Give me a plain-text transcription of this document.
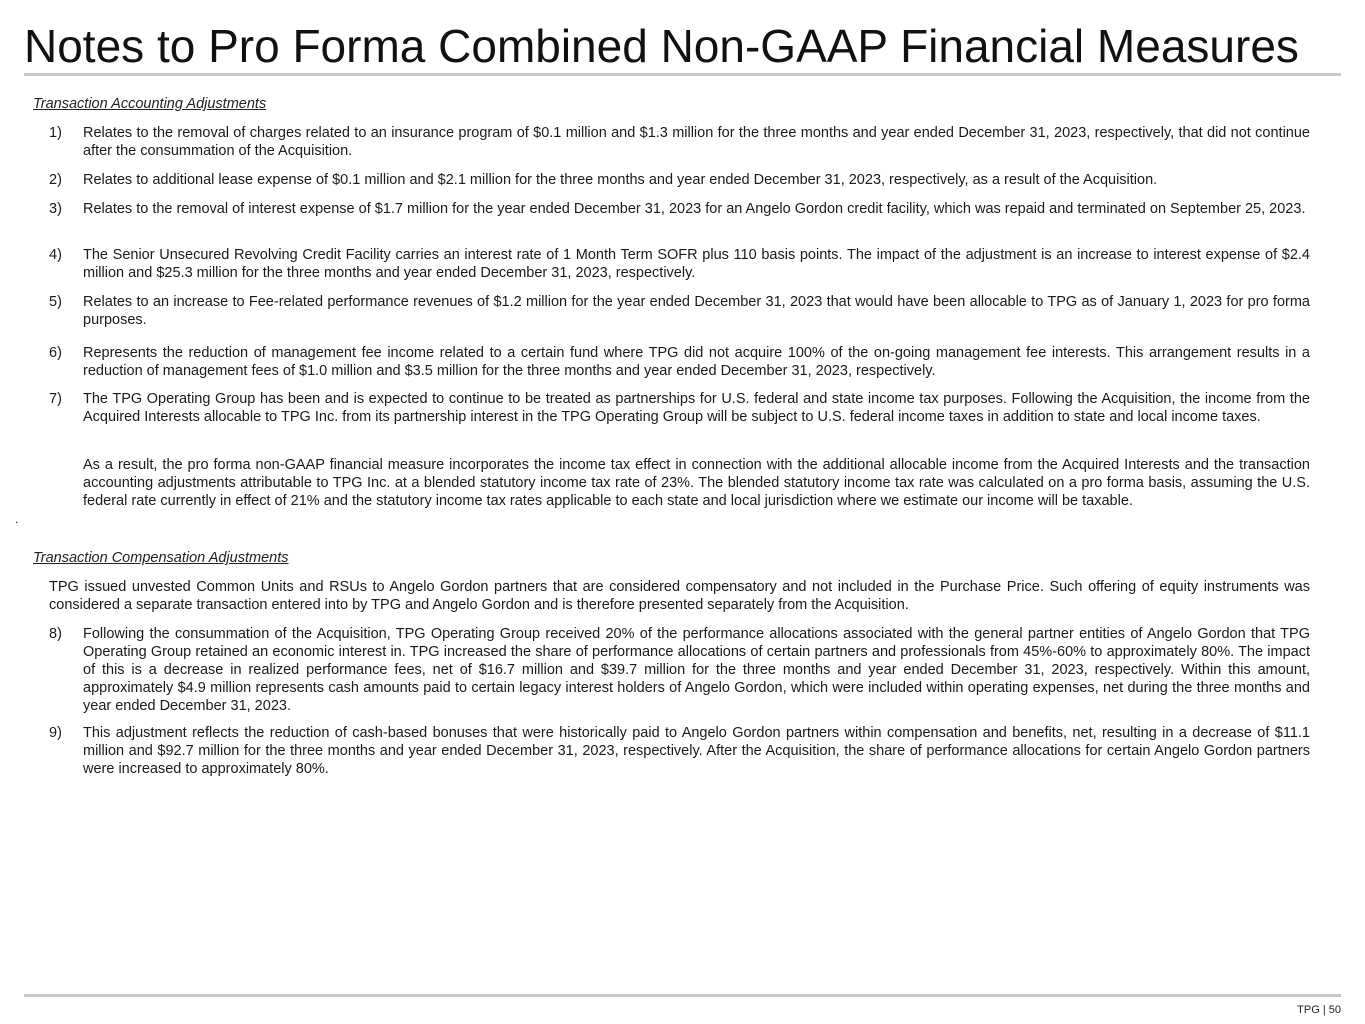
Notes to Pro Forma Combined Non-GAAP Financial Measures

Transaction Accounting Adjustments

1) Relates to the removal of charges related to an insurance program of $0.1 million and $1.3 million for the three months and year ended December 31, 2023, respectively, that did not continue after the consummation of the Acquisition.
2) Relates to additional lease expense of $0.1 million and $2.1 million for the three months and year ended December 31, 2023, respectively, as a result of the Acquisition.
3) Relates to the removal of interest expense of $1.7 million for the year ended December 31, 2023 for an Angelo Gordon credit facility, which was repaid and terminated on September 25, 2023.
4) The Senior Unsecured Revolving Credit Facility carries an interest rate of 1 Month Term SOFR plus 110 basis points. The impact of the adjustment is an increase to interest expense of $2.4 million and $25.3 million for the three months and year ended December 31, 2023, respectively.
5) Relates to an increase to Fee-related performance revenues of $1.2 million for the year ended December 31, 2023 that would have been allocable to TPG as of January 1, 2023 for pro forma purposes.
6) Represents the reduction of management fee income related to a certain fund where TPG did not acquire 100% of the on-going management fee interests. This arrangement results in a reduction of management fees of $1.0 million and $3.5 million for the three months and year ended December 31, 2023, respectively.
7) The TPG Operating Group has been and is expected to continue to be treated as partnerships for U.S. federal and state income tax purposes. Following the Acquisition, the income from the Acquired Interests allocable to TPG Inc. from its partnership interest in the TPG Operating Group will be subject to U.S. federal income taxes in addition to state and local income taxes.
As a result, the pro forma non-GAAP financial measure incorporates the income tax effect in connection with the additional allocable income from the Acquired Interests and the transaction accounting adjustments attributable to TPG Inc. at a blended statutory income tax rate of 23%. The blended statutory income tax rate was calculated on a pro forma basis, assuming the U.S. federal rate currently in effect of 21% and the statutory income tax rates applicable to each state and local jurisdiction where we estimate our income will be taxable.
.

Transaction Compensation Adjustments

TPG issued unvested Common Units and RSUs to Angelo Gordon partners that are considered compensatory and not included in the Purchase Price. Such offering of equity instruments was considered a separate transaction entered into by TPG and Angelo Gordon and is therefore presented separately from the Acquisition.
8) Following the consummation of the Acquisition, TPG Operating Group received 20% of the performance allocations associated with the general partner entities of Angelo Gordon that TPG Operating Group retained an economic interest in. TPG increased the share of performance allocations of certain partners and professionals from 45%-60% to approximately 80%. The impact of this is a decrease in realized performance fees, net of $16.7 million and $39.7 million for the three months and year ended December 31, 2023, respectively. Within this amount, approximately $4.9 million represents cash amounts paid to certain legacy interest holders of Angelo Gordon, which were included within operating expenses, net during the three months and year ended December 31, 2023.
9) This adjustment reflects the reduction of cash-based bonuses that were historically paid to Angelo Gordon partners within compensation and benefits, net, resulting in a decrease of $11.1 million and $92.7 million for the three months and year ended December 31, 2023, respectively. After the Acquisition, the share of performance allocations for certain Angelo Gordon partners were increased to approximately 80%.
TPG | 50
